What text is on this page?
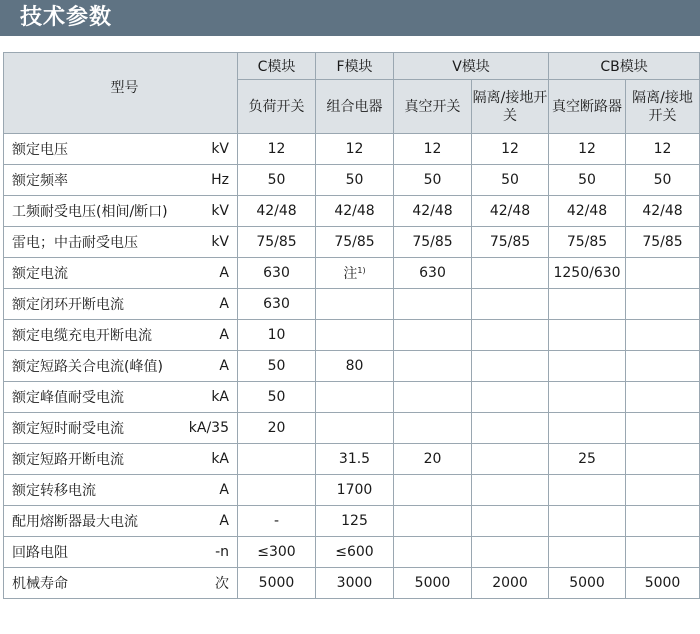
技术参数
型号		C模块	F模块	V模块		CB模块	
		负荷开关	组合电器	真空开关	隔离/接地开关	真空断路器	隔离/接地开关
额定电压	kV	12	12	12	12	12	12
额定频率	Hz	50	50	50	50	50	50
工频耐受电压(相间/断口)	kV	42/48	42/48	42/48	42/48	42/48	42/48
雷电；中击耐受电压	kV	75/85	75/85	75/85	75/85	75/85	75/85
额定电流	A	630	注$^{1)}$	630		1250/630	
额定闭环开断电流	A	630					
额定电缆充电开断电流	A	10					
额定短路关合电流(峰值)	A	50	80				
额定峰值耐受电流	kA	50					
额定短时耐受电流	kA/35	20					
额定短路开断电流	kA		31.5	20		25	
额定转移电流	A		1700				
配用熔断器最大电流	A	-	125				
回路电阻	-n	≤300	≤600				
机械寿命	次	5000	3000	5000	2000	5000	5000
